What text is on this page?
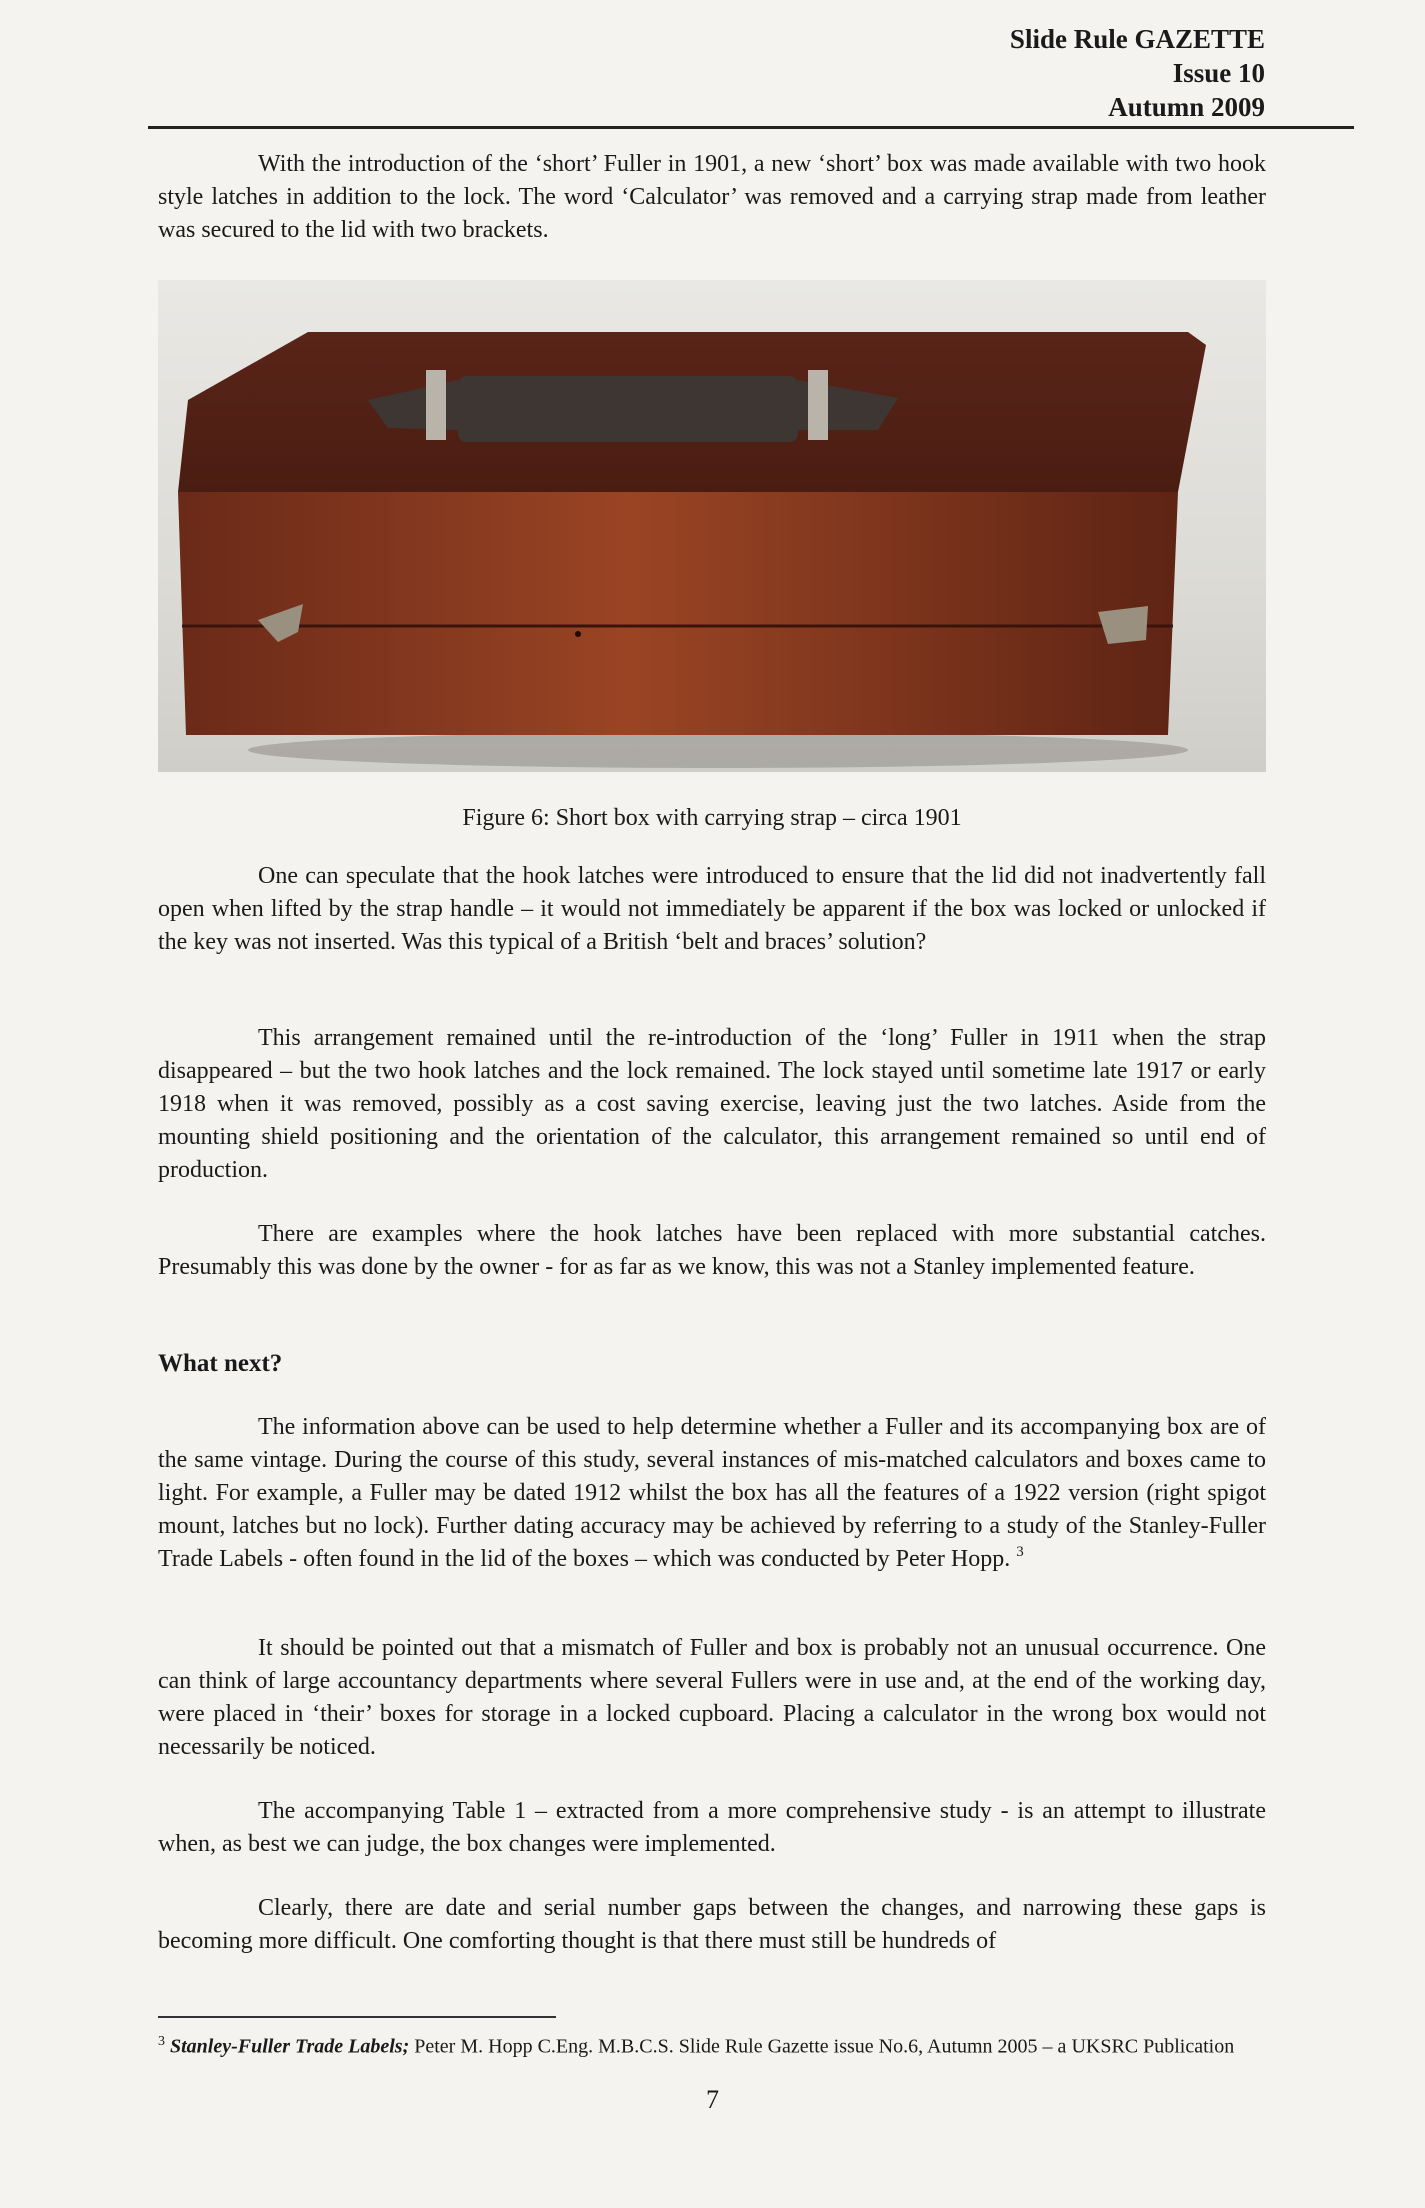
Slide Rule GAZETTE
Issue 10
Autumn 2009

With the introduction of the ‘short’ Fuller in 1901, a new ‘short’ box was made available with two hook style latches in addition to the lock. The word ‘Calculator’ was removed and a carrying strap made from leather was secured to the lid with two brackets.

Figure 6: Short box with carrying strap – circa 1901

One can speculate that the hook latches were introduced to ensure that the lid did not inadvertently fall open when lifted by the strap handle – it would not immediately be apparent if the box was locked or unlocked if the key was not inserted. Was this typical of a British ‘belt and braces’ solution?

This arrangement remained until the re-introduction of the ‘long’ Fuller in 1911 when the strap disappeared – but the two hook latches and the lock remained. The lock stayed until sometime late 1917 or early 1918 when it was removed, possibly as a cost saving exercise, leaving just the two latches. Aside from the mounting shield positioning and the orientation of the calculator, this arrangement remained so until end of production.

There are examples where the hook latches have been replaced with more substantial catches. Presumably this was done by the owner - for as far as we know, this was not a Stanley implemented feature.

What next?

The information above can be used to help determine whether a Fuller and its accompanying box are of the same vintage. During the course of this study, several instances of mis-matched calculators and boxes came to light. For example, a Fuller may be dated 1912 whilst the box has all the features of a 1922 version (right spigot mount, latches but no lock). Further dating accuracy may be achieved by referring to a study of the Stanley-Fuller Trade Labels - often found in the lid of the boxes – which was conducted by Peter Hopp. $^3$

It should be pointed out that a mismatch of Fuller and box is probably not an unusual occurrence. One can think of large accountancy departments where several Fullers were in use and, at the end of the working day, were placed in ‘their’ boxes for storage in a locked cupboard. Placing a calculator in the wrong box would not necessarily be noticed.

The accompanying Table 1 – extracted from a more comprehensive study - is an attempt to illustrate when, as best we can judge, the box changes were implemented.

Clearly, there are date and serial number gaps between the changes, and narrowing these gaps is becoming more difficult. One comforting thought is that there must still be hundreds of

$^3$ Stanley-Fuller Trade Labels; Peter M. Hopp C.Eng. M.B.C.S. Slide Rule Gazette issue No.6, Autumn 2005 – a UKSRC Publication
7
